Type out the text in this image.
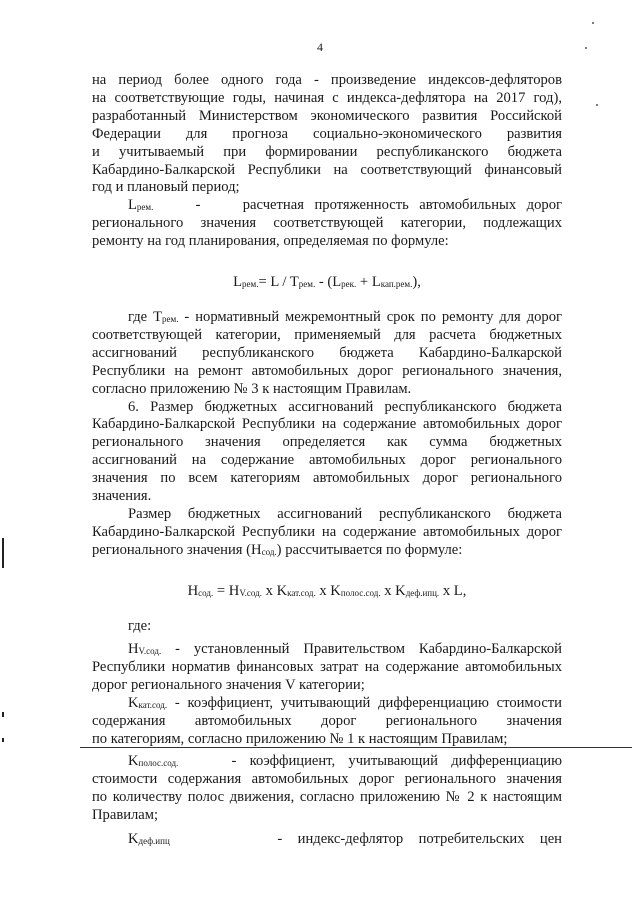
4

на период более одного года - произведение индексов-дефляторов

на соответствующие годы, начиная с индекса-дефлятора на 2017 год),

разработанный Министерством экономического развития Российской

Федерации для прогноза социально-экономического развития

и учитываемый при формировании республиканского бюджета

Кабардино-Балкарской Республики на соответствующий финансовый

год и плановый период;

$L_{рем.}$    -    расчетная протяженность автомобильных дорог

регионального значения соответствующей категории, подлежащих

ремонту на год планирования, определяемая по формуле:

$L_{рем.}= L / T_{рем.} - (L_{рек.} + L_{кап.рем.})$,

где $T_{рем.}$ - нормативный межремонтный срок по ремонту для дорог

соответствующей категории, применяемый для расчета бюджетных

ассигнований республиканского бюджета Кабардино-Балкарской

Республики на ремонт автомобильных дорог регионального значения,

согласно приложению № 3 к настоящим Правилам.

6. Размер бюджетных ассигнований республиканского бюджета

Кабардино-Балкарской Республики на содержание автомобильных дорог

регионального значения определяется как сумма бюджетных

ассигнований на содержание автомобильных дорог регионального

значения по всем категориям автомобильных дорог регионального

значения.

Размер бюджетных ассигнований республиканского бюджета

Кабардино-Балкарской Республики на содержание автомобильных дорог

регионального значения $(H_{сод.})$ рассчитывается по формуле:

$H_{сод.} = H_{V.сод.}$ x $K_{кат.сод.}$ x $K_{полос.сод.}$ x $K_{деф.ипц.}$ x L,

где:

$H_{V.сод.}$ - установленный Правительством Кабардино-Балкарской

Республики норматив финансовых затрат на содержание автомобильных

дорог регионального значения V категории;

$K_{кат.сод.}$ - коэффициент, учитывающий дифференциацию стоимости

содержания автомобильных дорог регионального значения

по категориям, согласно приложению № 1 к настоящим Правилам;

$K_{полос.сод.}$	- коэффициент, учитывающий дифференциацию

стоимости содержания автомобильных дорог регионального значения

по количеству полос движения, согласно приложению № 2 к настоящим

Правилам;

$K_{деф.ипц}$	- индекс-дефлятор потребительских цен
